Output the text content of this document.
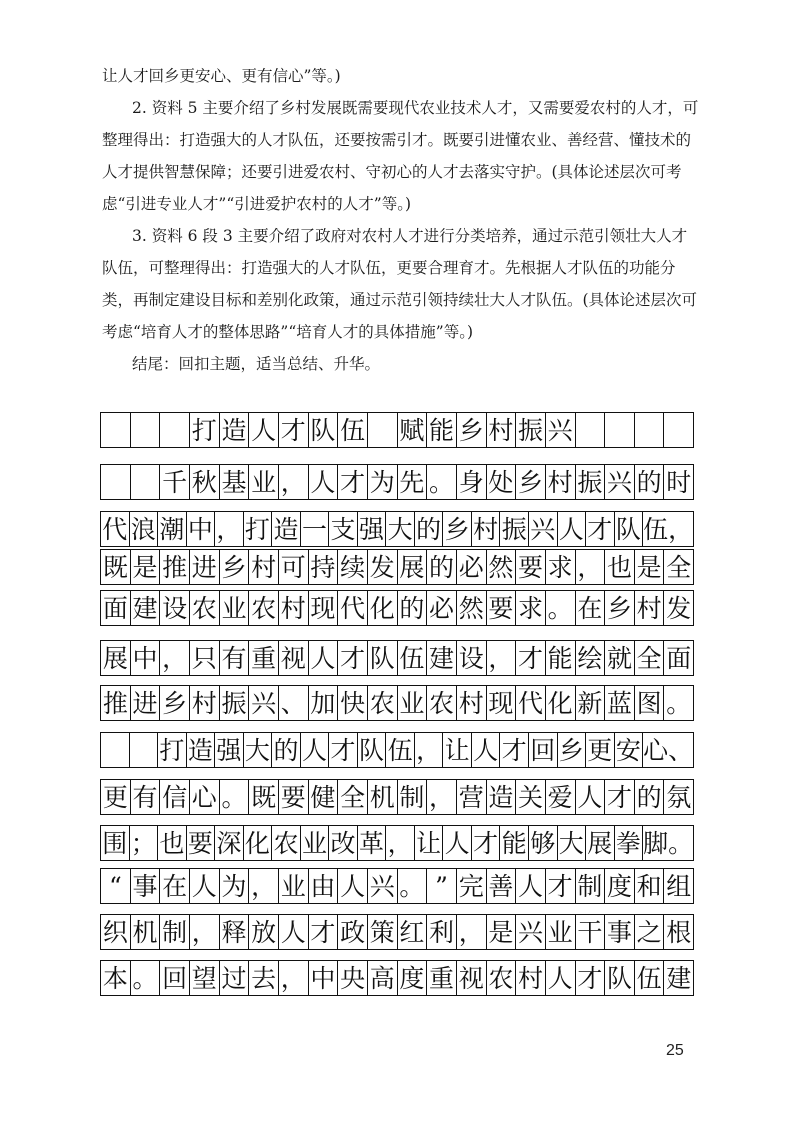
让人才回乡更安心、更有信心”等。)

2. 资料 5 主要介绍了乡村发展既需要现代农业技术人才，又需要爱农村的人才，可整理得出：打造强大的人才队伍，还要按需引才。既要引进懂农业、善经营、懂技术的人才提供智慧保障；还要引进爱农村、守初心的人才去落实守护。(具体论述层次可考虑“引进专业人才”“引进爱护农村的人才”等。)

3. 资料 6 段 3 主要介绍了政府对农村人才进行分类培养，通过示范引领壮大人才队伍，可整理得出：打造强大的人才队伍，更要合理育才。先根据人才队伍的功能分类，再制定建设目标和差别化政策，通过示范引领持续壮大人才队伍。(具体论述层次可考虑“培育人才的整体思路”“培育人才的具体措施”等。)

结尾：回扣主题，适当总结、升华。

打 造 人 才 队 伍 赋 能 乡 村 振 兴
千 秋 基 业 ， 人 才 为 先 。 身 处 乡 村 振 兴 的 时
代 浪 潮 中 ， 打 造 一 支 强 大 的 乡 村 振 兴 人 才 队 伍，
既 是 推 进 乡 村 可 持 续 发 展 的 必 然 要 求 ， 也 是 全
面 建 设 农 业 农 村 现 代 化 的 必 然 要 求 。 在 乡 村 发
展 中 ， 只 有 重 视 人 才 队 伍 建 设 ， 才 能 绘 就 全 面
推 进 乡 村 振 兴 、 加 快 农 业 农 村 现 代 化 新 蓝 图 。
打 造 强 大 的 人 才 队 伍 ， 让 人 才 回 乡 更 安 心、
更 有 信 心 。 既 要 健 全 机 制 ， 营 造 关 爱 人 才 的 氛
围 ； 也 要 深 化 农 业 改 革 ， 让 人 才 能 够 大 展 拳 脚。
“ 事 在 人 为 ， 业 由 人 兴 。 ” 完 善 人 才 制 度 和 组
织 机 制 ， 释 放 人 才 政 策 红 利 ， 是 兴 业 干 事 之 根
本 。 回 望 过 去 ， 中 央 高 度 重 视 农 村 人 才 队 伍 建
25
